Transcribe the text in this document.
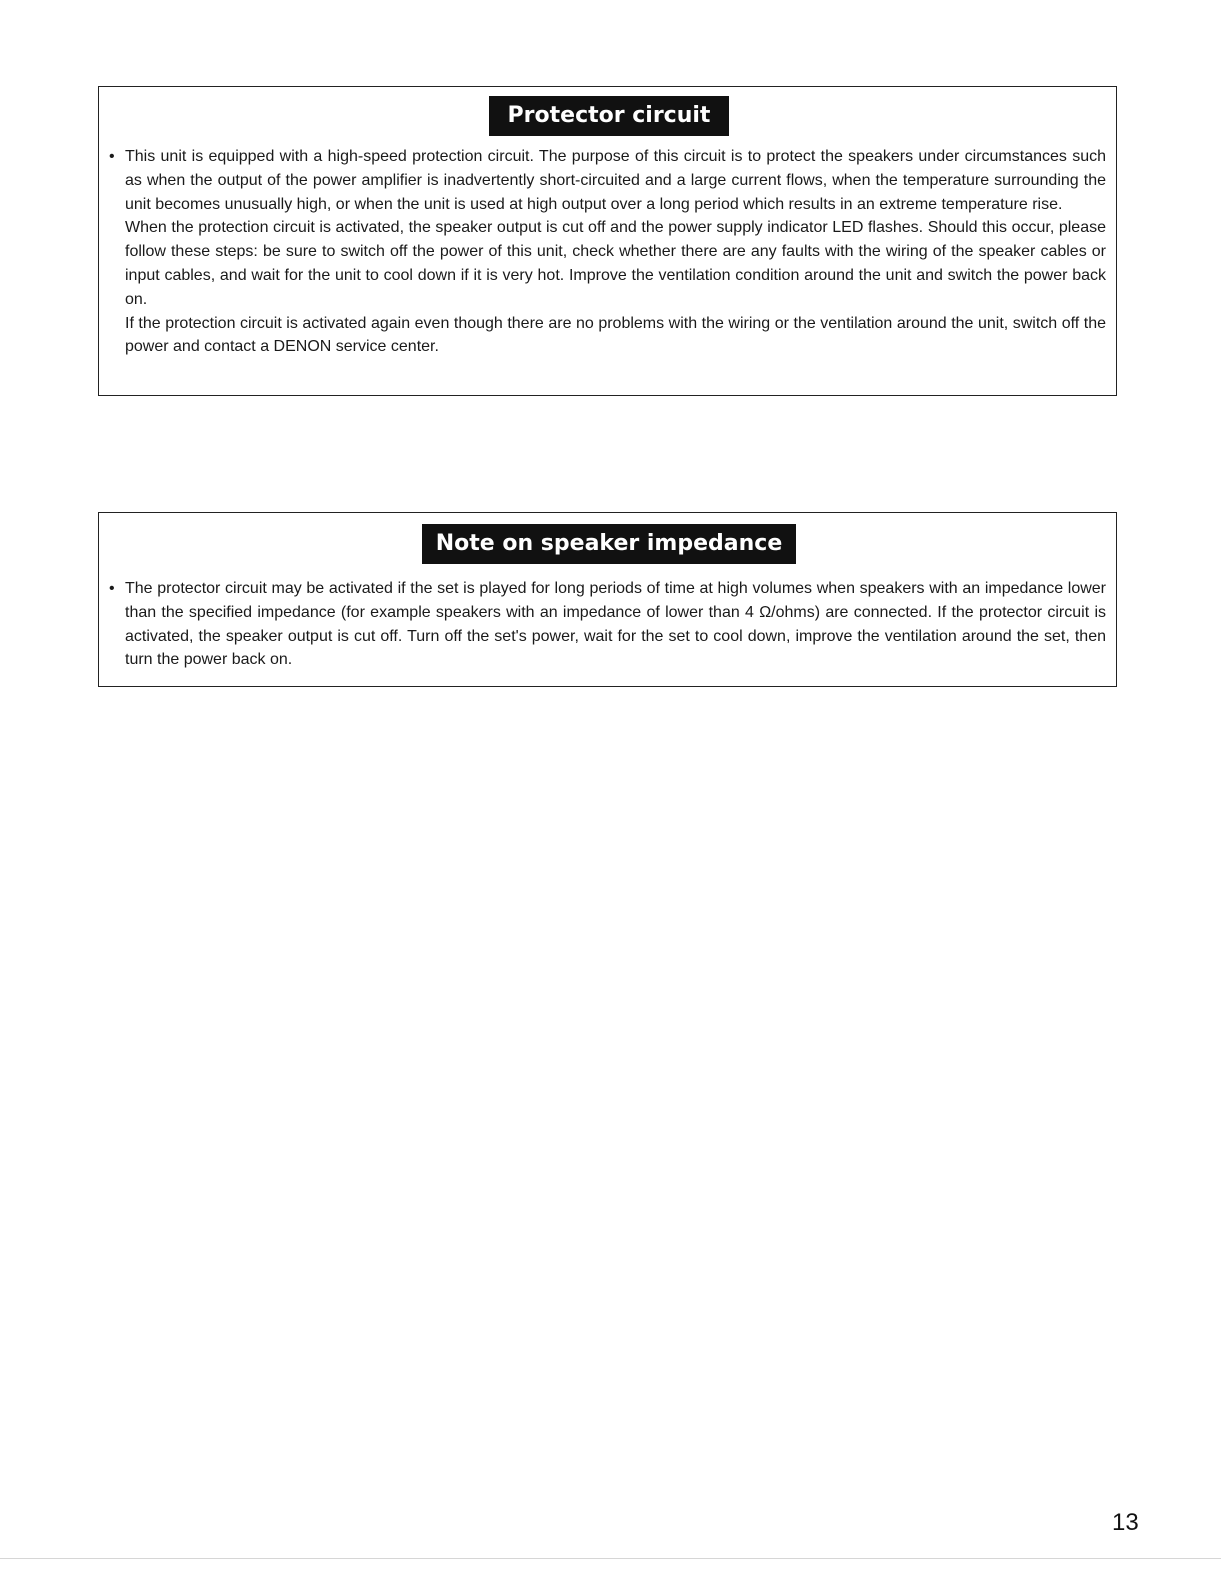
Protector circuit
• This unit is equipped with a high-speed protection circuit. The purpose of this circuit is to protect the speakers under circumstances such as when the output of the power amplifier is inadvertently short-circuited and a large current flows, when the temperature surrounding the unit becomes unusually high, or when the unit is used at high output over a long period which results in an extreme temperature rise.

When the protection circuit is activated, the speaker output is cut off and the power supply indicator LED flashes. Should this occur, please follow these steps: be sure to switch off the power of this unit, check whether there are any faults with the wiring of the speaker cables or input cables, and wait for the unit to cool down if it is very hot. Improve the ventilation condition around the unit and switch the power back on.

If the protection circuit is activated again even though there are no problems with the wiring or the ventilation around the unit, switch off the power and contact a DENON service center.

Note on speaker impedance
• The protector circuit may be activated if the set is played for long periods of time at high volumes when speakers with an impedance lower than the specified impedance (for example speakers with an impedance of lower than 4 Ω/ohms) are connected. If the protector circuit is activated, the speaker output is cut off. Turn off the set's power, wait for the set to cool down, improve the ventilation around the set, then turn the power back on.

13
